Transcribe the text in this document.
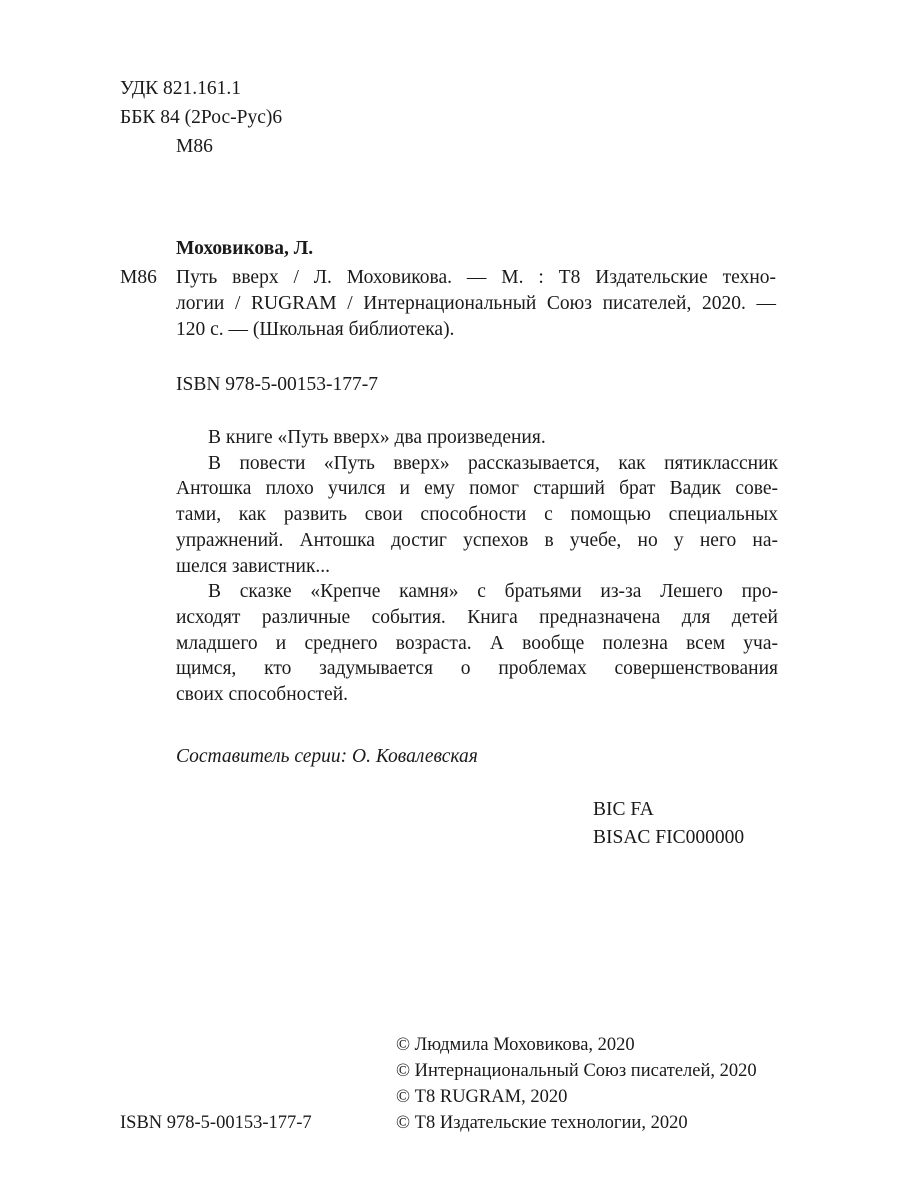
УДК 821.161.1
ББК 84 (2Рос-Рус)6
М86
Моховикова, Л.
М86 Путь вверх / Л. Моховикова. — М. : Т8 Издательские техно-
логии / RUGRAM / Интернациональный Союз писателей, 2020. —
120 с. — (Школьная библиотека).
ISBN 978-5-00153-177-7
В книге «Путь вверх» два произведения.
В повести «Путь вверх» рассказывается, как пятиклассник
Антошка плохо учился и ему помог старший брат Вадик сове-
тами, как развить свои способности с помощью специальных
упражнений. Антошка достиг успехов в учебе, но у него на-
шелся завистник...
В сказке «Крепче камня» с братьями из-за Лешего про-
исходят различные события. Книга предназначена для детей
младшего и среднего возраста. А вообще полезна всем уча-
щимся, кто задумывается о проблемах совершенствования
своих способностей.
Составитель серии: О. Ковалевская
BIC FA
BISAC FIC000000
© Людмила Моховикова, 2020
© Интернациональный Союз писателей, 2020
© Т8 RUGRAM, 2020
© Т8 Издательские технологии, 2020
ISBN 978-5-00153-177-7
